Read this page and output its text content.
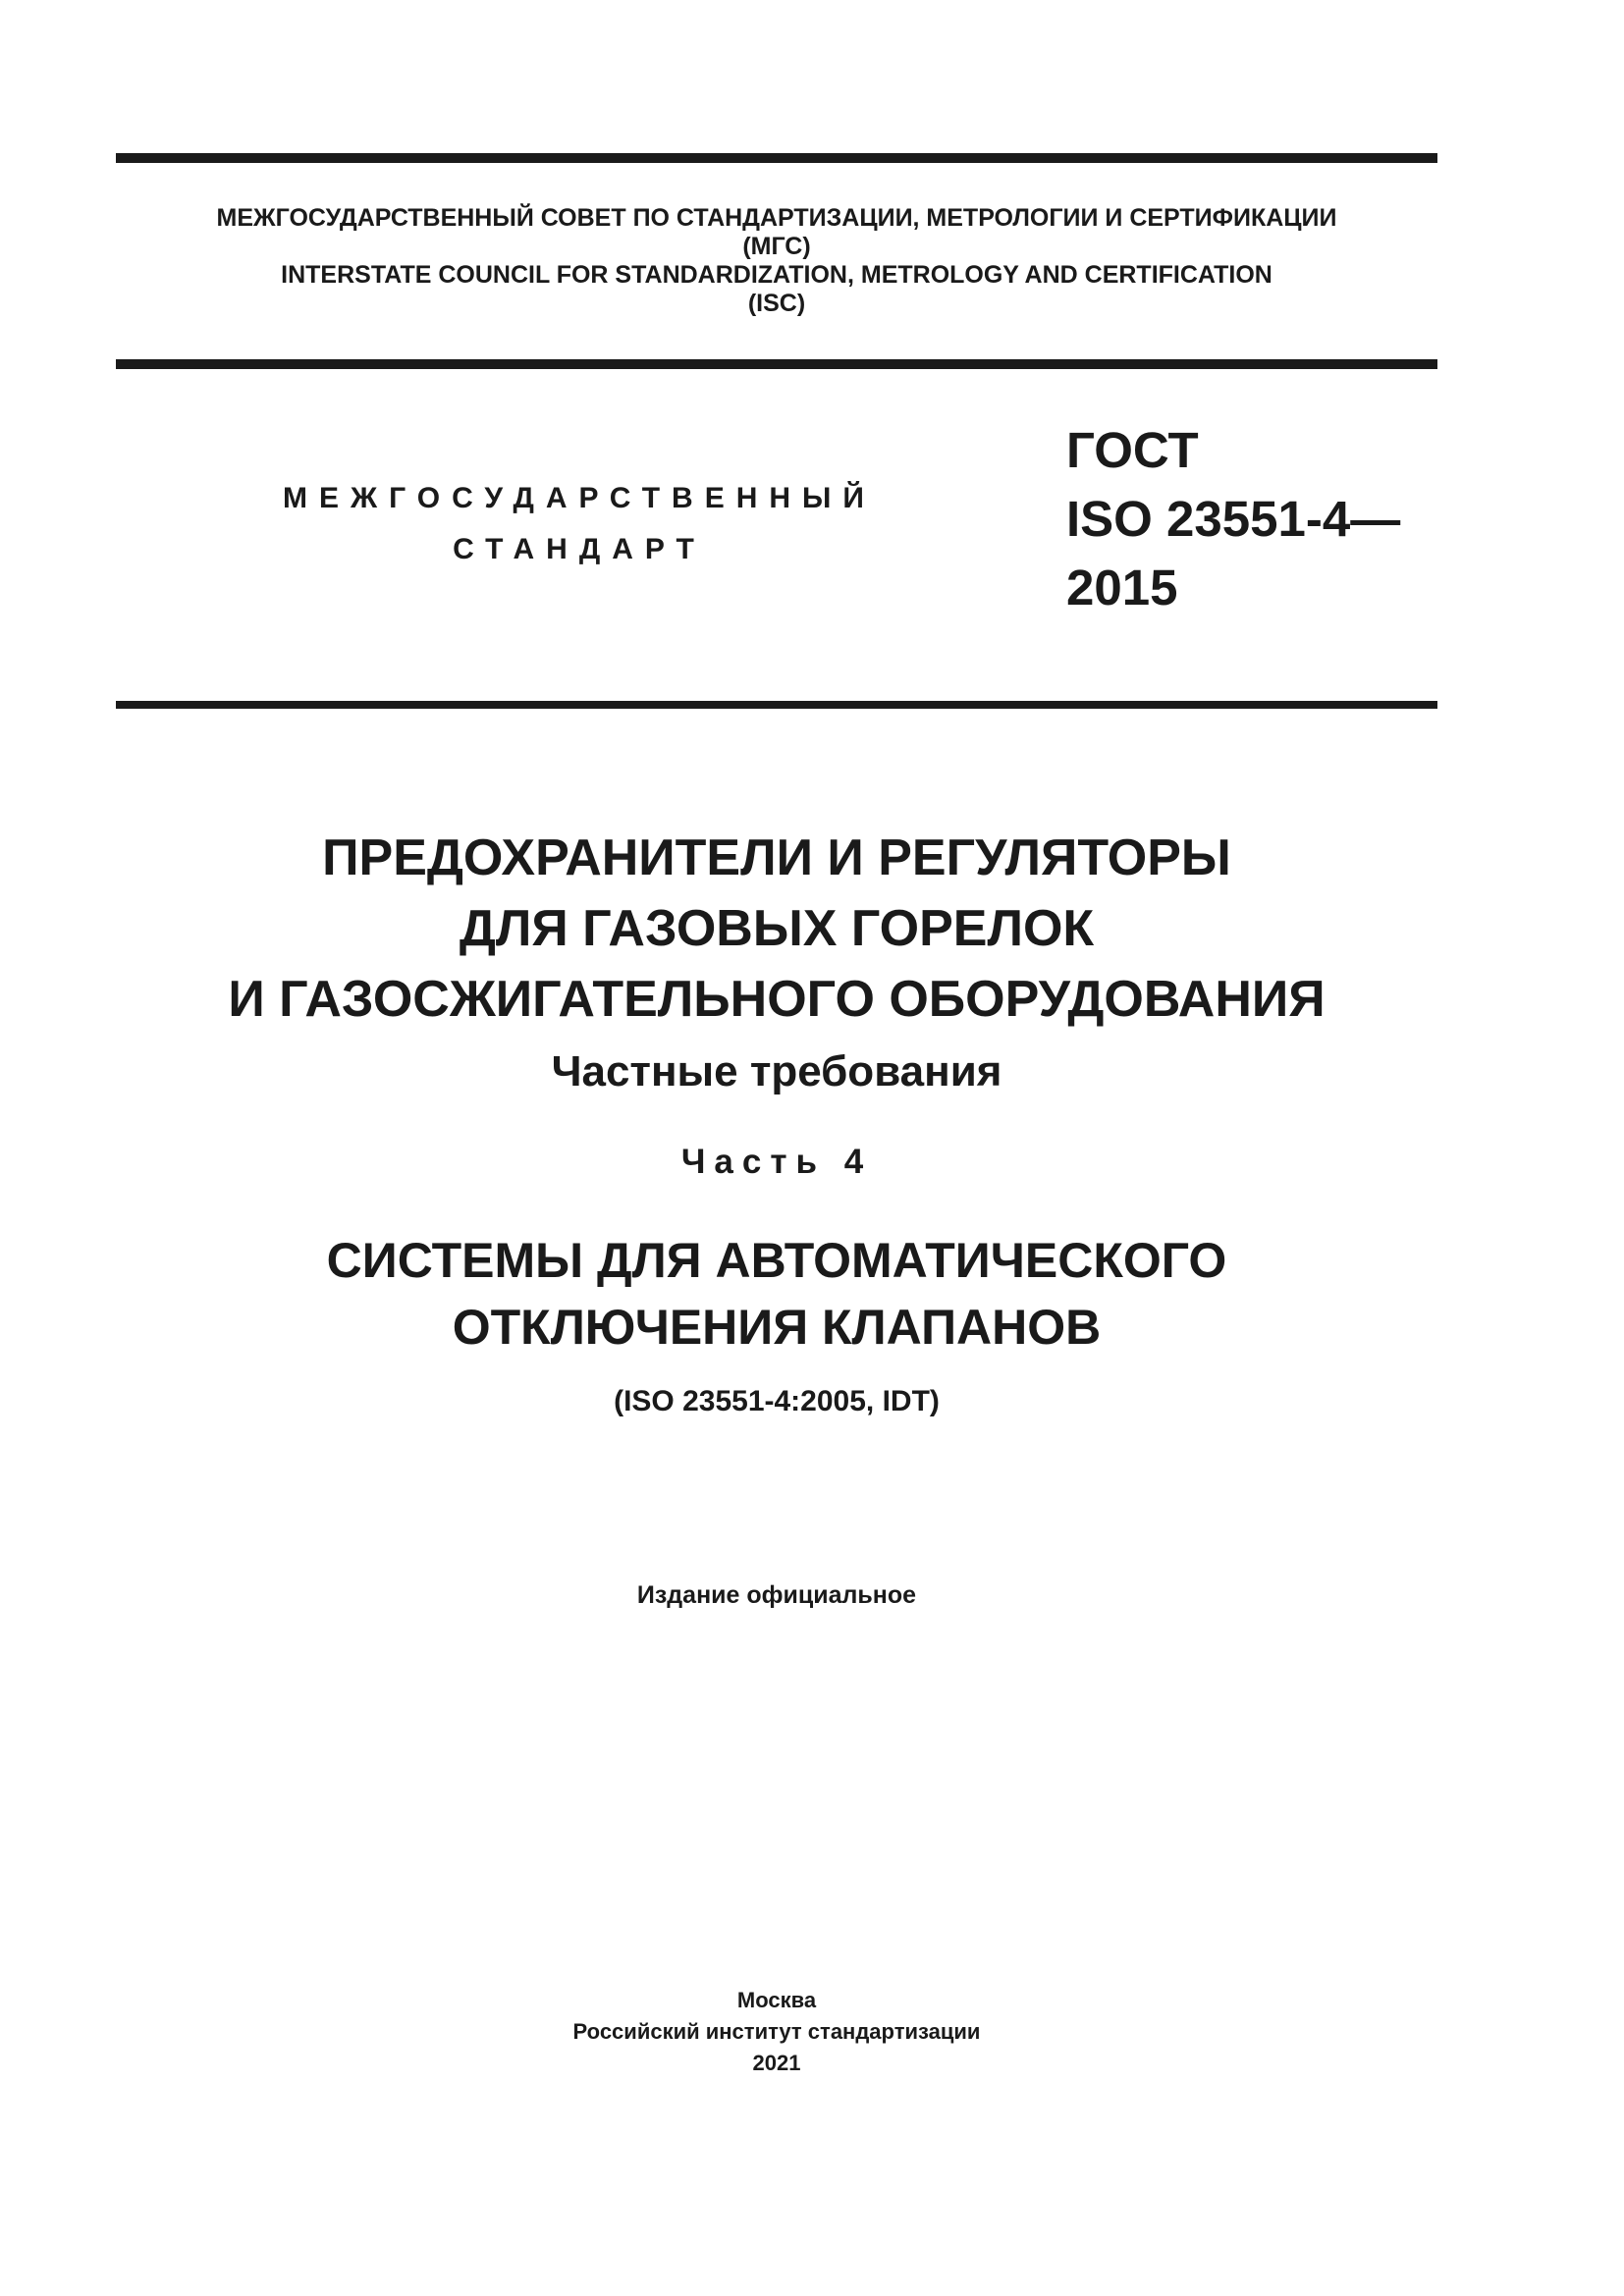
МЕЖГОСУДАРСТВЕННЫЙ СОВЕТ ПО СТАНДАРТИЗАЦИИ, МЕТРОЛОГИИ И СЕРТИФИКАЦИИ
(МГС)
INTERSTATE COUNCIL FOR STANDARDIZATION, METROLOGY AND CERTIFICATION
(ISC)
МЕЖГОСУДАРСТВЕННЫЙ
СТАНДАРТ
ГОСТ
ISO 23551-4—
2015
ПРЕДОХРАНИТЕЛИ И РЕГУЛЯТОРЫ
ДЛЯ ГАЗОВЫХ ГОРЕЛОК
И ГАЗОСЖИГАТЕЛЬНОГО ОБОРУДОВАНИЯ
Частные требования
Часть 4
СИСТЕМЫ ДЛЯ АВТОМАТИЧЕСКОГО
ОТКЛЮЧЕНИЯ КЛАПАНОВ
(ISO 23551-4:2005, IDT)
Издание официальное
Москва
Российский институт стандартизации
2021
